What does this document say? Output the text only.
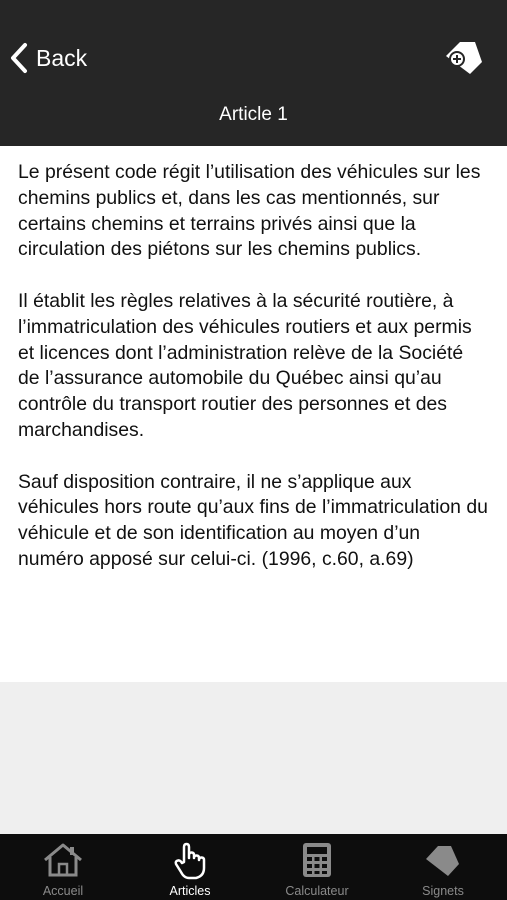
Back
Article 1

Le présent code régit l’utilisation des véhicules sur les chemins publics et, dans les cas mentionnés, sur certains chemins et terrains privés ainsi que la circulation des piétons sur les chemins publics.

Il établit les règles relatives à la sécurité routière, à l’immatriculation des véhicules routiers et aux permis et licences dont l’administration relève de la Société de l’assurance automobile du Québec ainsi qu’au contrôle du transport routier des personnes et des marchandises.

Sauf disposition contraire, il ne s’applique aux véhicules hors route qu’aux fins de l’immatriculation du véhicule et de son identification au moyen d’un numéro apposé sur celui-ci. (1996, c.60, a.69)

Accueil	Articles	Calculateur	Signets
